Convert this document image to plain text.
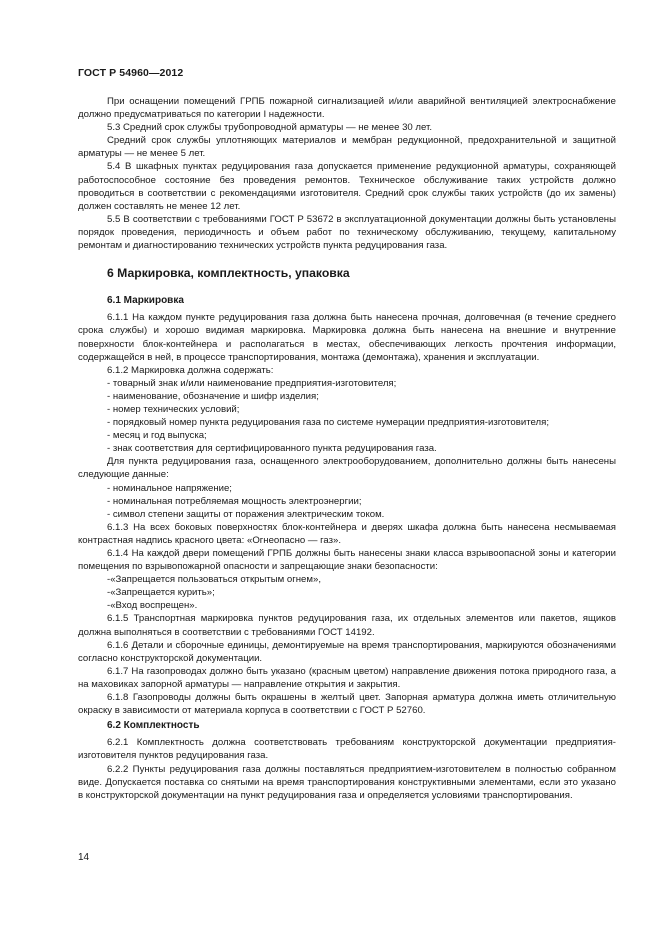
ГОСТ Р 54960—2012

При оснащении помещений ГРПБ пожарной сигнализацией и/или аварийной вентиляцией электроснабжение должно предусматриваться по категории I надежности.

5.3 Средний срок службы трубопроводной арматуры — не менее 30 лет.

Средний срок службы уплотняющих материалов и мембран редукционной, предохранительной и защитной арматуры — не менее 5 лет.

5.4 В шкафных пунктах редуцирования газа допускается применение редукционной арматуры, сохраняющей работоспособное состояние без проведения ремонтов. Техническое обслуживание таких устройств должно проводиться в соответствии с рекомендациями изготовителя. Средний срок службы таких устройств (до их замены) должен составлять не менее 12 лет.

5.5 В соответствии с требованиями ГОСТ Р 53672 в эксплуатационной документации должны быть установлены порядок проведения, периодичность и объем работ по техническому обслуживанию, текущему, капитальному ремонтам и диагностированию технических устройств пункта редуцирования газа.

6 Маркировка, комплектность, упаковка
6.1 Маркировка

6.1.1 На каждом пункте редуцирования газа должна быть нанесена прочная, долговечная (в течение среднего срока службы) и хорошо видимая маркировка. Маркировка должна быть нанесена на внешние и внутренние поверхности блок-контейнера и располагаться в местах, обеспечивающих легкость прочтения информации, содержащейся в ней, в процессе транспортирования, монтажа (демонтажа), хранения и эксплуатации.

6.1.2 Маркировка должна содержать:

- товарный знак и/или наименование предприятия-изготовителя;

- наименование, обозначение и шифр изделия;

- номер технических условий;

- порядковый номер пункта редуцирования газа по системе нумерации предприятия-изготовителя;

- месяц и год выпуска;

- знак соответствия для сертифицированного пункта редуцирования газа.

Для пункта редуцирования газа, оснащенного электрооборудованием, дополнительно должны быть нанесены следующие данные:

- номинальное напряжение;

- номинальная потребляемая мощность электроэнергии;

- символ степени защиты от поражения электрическим током.

6.1.3 На всех боковых поверхностях блок-контейнера и дверях шкафа должна быть нанесена несмываемая контрастная надпись красного цвета: «Огнеопасно — газ».

6.1.4 На каждой двери помещений ГРПБ должны быть нанесены знаки класса взрывоопасной зоны и категории помещения по взрывопожарной опасности и запрещающие знаки безопасности:

-«Запрещается пользоваться открытым огнем»,

-«Запрещается курить»;

-«Вход воспрещен».

6.1.5 Транспортная маркировка пунктов редуцирования газа, их отдельных элементов или пакетов, ящиков должна выполняться в соответствии с требованиями ГОСТ 14192.

6.1.6 Детали и сборочные единицы, демонтируемые на время транспортирования, маркируются обозначениями согласно конструкторской документации.

6.1.7 На газопроводах должно быть указано (красным цветом) направление движения потока природного газа, а на маховиках запорной арматуры — направление открытия и закрытия.

6.1.8 Газопроводы должны быть окрашены в желтый цвет. Запорная арматура должна иметь отличительную окраску в зависимости от материала корпуса в соответствии с ГОСТ Р 52760.

6.2 Комплектность

6.2.1 Комплектность должна соответствовать требованиям конструкторской документации предприятия-изготовителя пунктов редуцирования газа.

6.2.2 Пункты редуцирования газа должны поставляться предприятием-изготовителем в полностью собранном виде. Допускается поставка со снятыми на время транспортирования конструктивными элементами, если это указано в конструкторской документации на пункт редуцирования газа и определяется условиями транспортирования.

14
